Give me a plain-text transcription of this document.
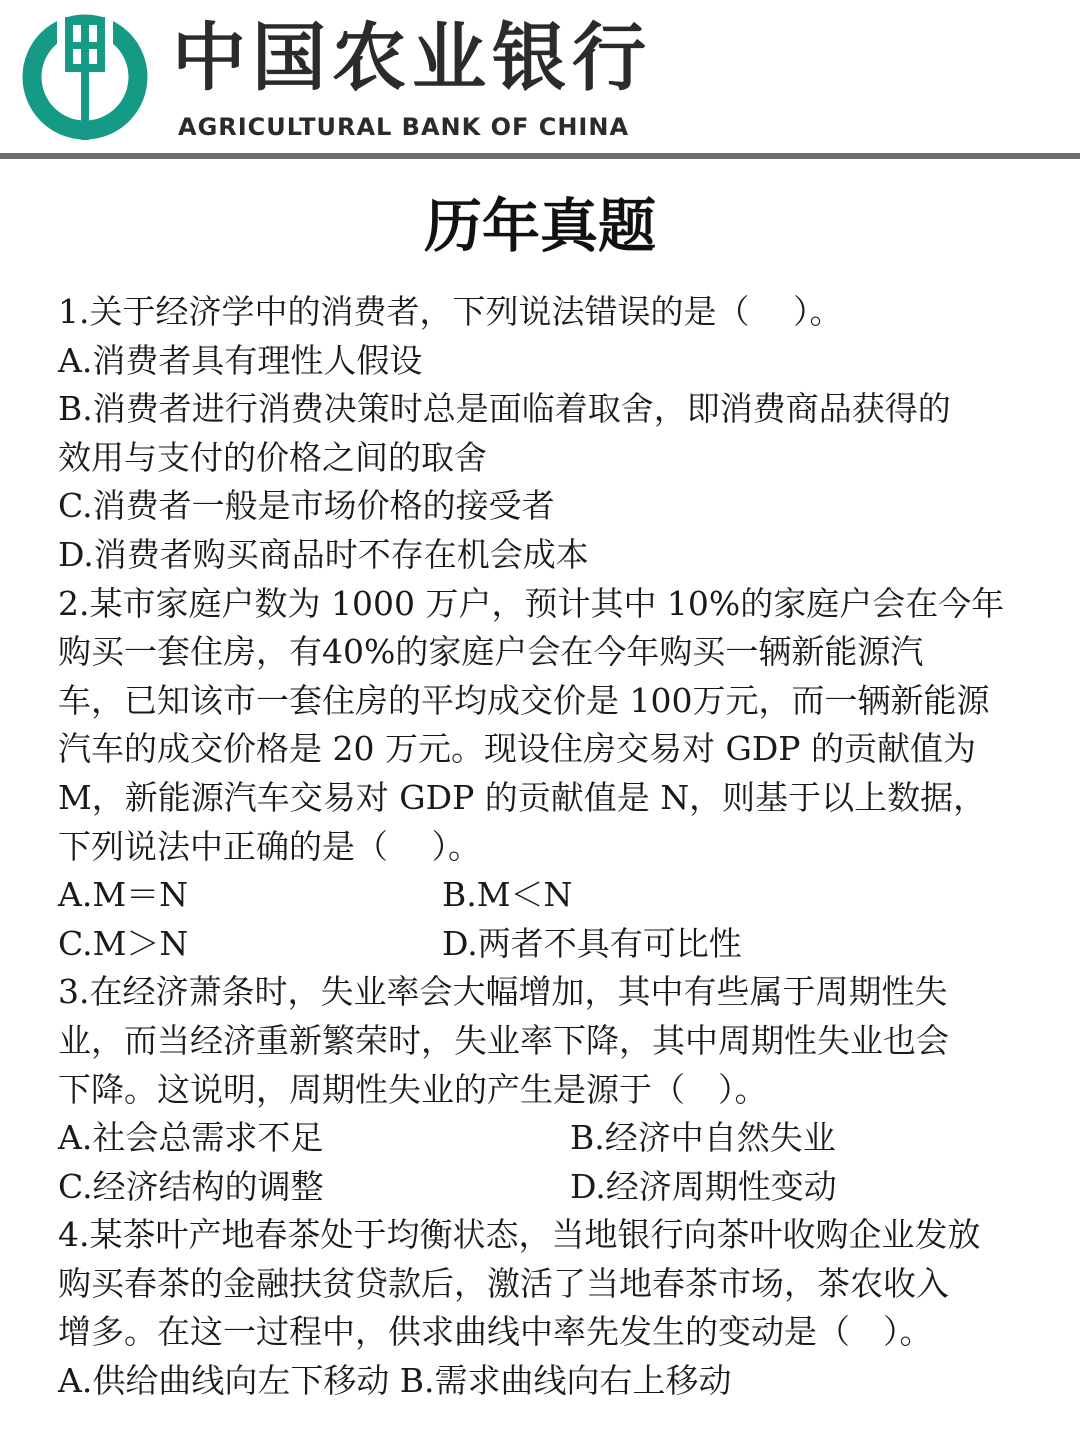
中国农业银行
AGRICULTURAL BANK OF CHINA
历年真题
1.关于经济学中的消费者，下列说法错误的是（　 ）。
A.消费者具有理性人假设
B.消费者进行消费决策时总是面临着取舍，即消费商品获得的
效用与支付的价格之间的取舍
C.消费者一般是市场价格的接受者
D.消费者购买商品时不存在机会成本
2.某市家庭户数为 1000 万户，预计其中 10%的家庭户会在今年
购买一套住房，有40%的家庭户会在今年购买一辆新能源汽
车，已知该市一套住房的平均成交价是 100万元，而一辆新能源
汽车的成交价格是 20 万元。现设住房交易对 GDP 的贡献值为
M，新能源汽车交易对 GDP 的贡献值是 N，则基于以上数据，
下列说法中正确的是（　 ）。
A.M＝N	B.M＜N
C.M＞N	D.两者不具有可比性
3.在经济萧条时，失业率会大幅增加，其中有些属于周期性失
业，而当经济重新繁荣时，失业率下降，其中周期性失业也会
下降。这说明，周期性失业的产生是源于（　）。
A.社会总需求不足	B.经济中自然失业
C.经济结构的调整	D.经济周期性变动
4.某茶叶产地春茶处于均衡状态，当地银行向茶叶收购企业发放
购买春茶的金融扶贫贷款后，激活了当地春茶市场，茶农收入
增多。在这一过程中，供求曲线中率先发生的变动是（　）。
A.供给曲线向左下移动 B.需求曲线向右上移动
